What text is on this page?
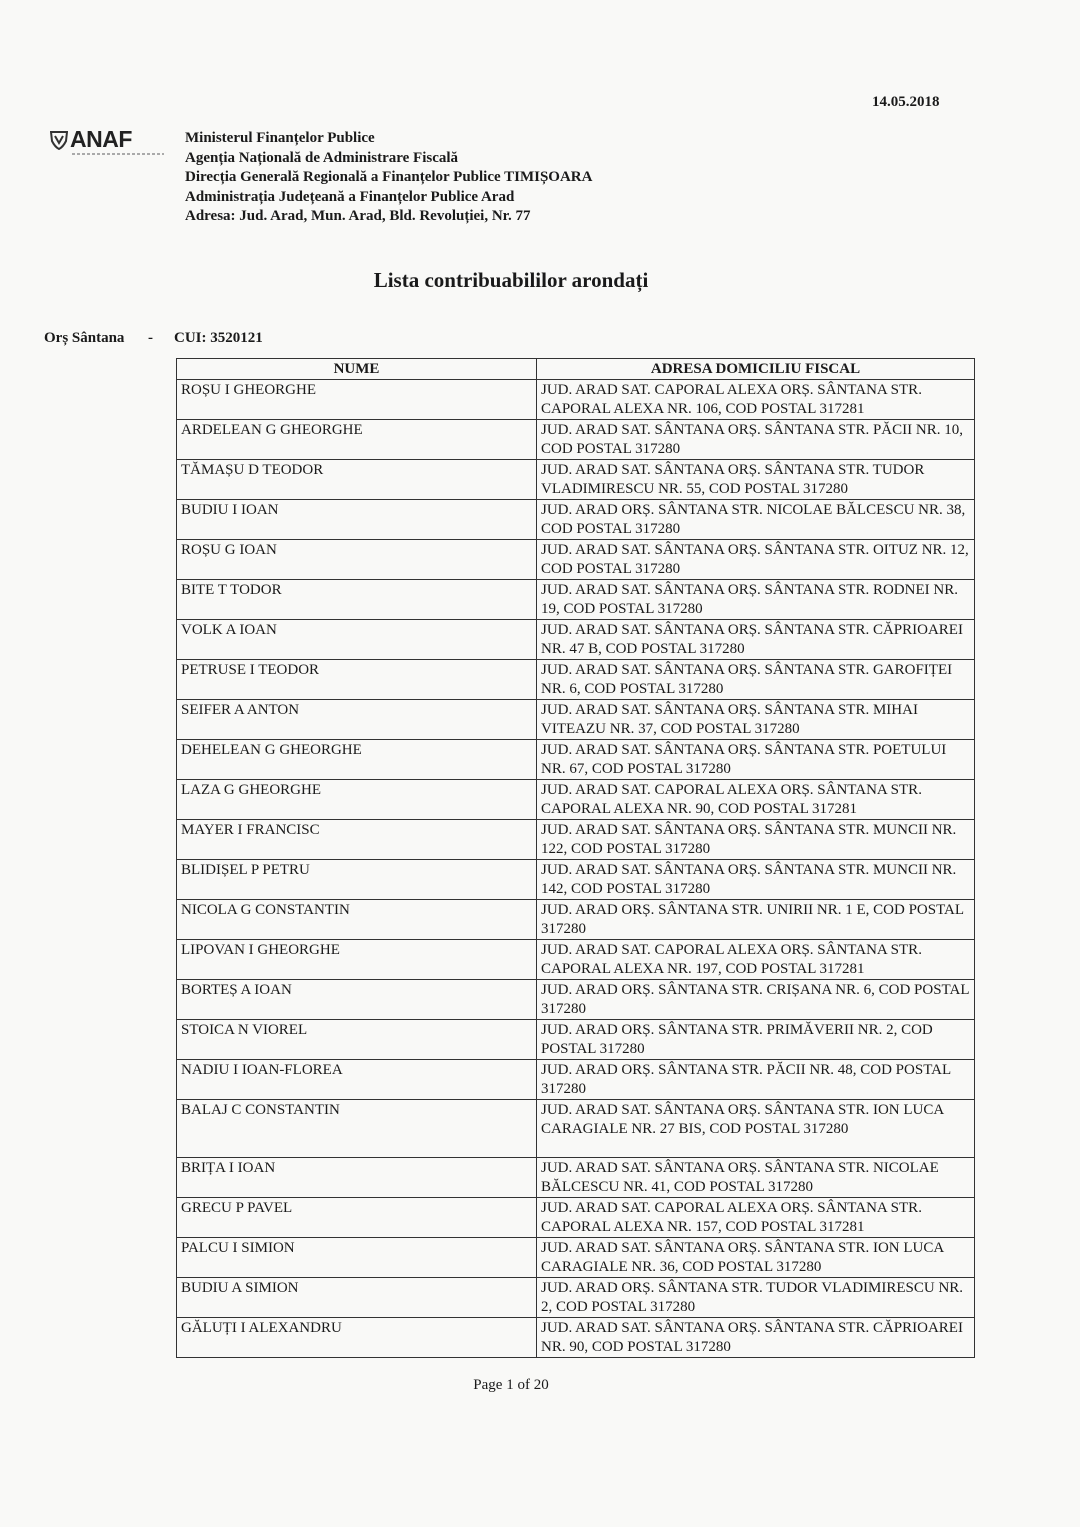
14.05.2018
ANAF	Ministerul Finanțelor Publice
Agenția Națională de Administrare Fiscală
Direcția Generală Regională a Finanțelor Publice TIMIȘOARA
Administrația Județeană a Finanțelor Publice Arad
Adresa: Jud. Arad, Mun. Arad, Bld. Revoluției, Nr. 77
Lista contribuabililor arondați
Orș Sântana - CUI: 3520121
NUME	ADRESA DOMICILIU FISCAL
ROȘU I GHEORGHE	JUD. ARAD SAT. CAPORAL ALEXA ORȘ. SÂNTANA STR. CAPORAL ALEXA NR. 106, COD POSTAL 317281
ARDELEAN G GHEORGHE	JUD. ARAD SAT. SÂNTANA ORȘ. SÂNTANA STR. PĂCII NR. 10, COD POSTAL 317280
TĂMAȘU D TEODOR	JUD. ARAD SAT. SÂNTANA ORȘ. SÂNTANA STR. TUDOR VLADIMIRESCU NR. 55, COD POSTAL 317280
BUDIU I IOAN	JUD. ARAD ORȘ. SÂNTANA STR. NICOLAE BĂLCESCU NR. 38, COD POSTAL 317280
ROȘU G IOAN	JUD. ARAD SAT. SÂNTANA ORȘ. SÂNTANA STR. OITUZ NR. 12, COD POSTAL 317280
BITE T TODOR	JUD. ARAD SAT. SÂNTANA ORȘ. SÂNTANA STR. RODNEI NR. 19, COD POSTAL 317280
VOLK A IOAN	JUD. ARAD SAT. SÂNTANA ORȘ. SÂNTANA STR. CĂPRIOAREI NR. 47 B, COD POSTAL 317280
PETRUSE I TEODOR	JUD. ARAD SAT. SÂNTANA ORȘ. SÂNTANA STR. GAROFIȚEI NR. 6, COD POSTAL 317280
SEIFER A ANTON	JUD. ARAD SAT. SÂNTANA ORȘ. SÂNTANA STR. MIHAI VITEAZU NR. 37, COD POSTAL 317280
DEHELEAN G GHEORGHE	JUD. ARAD SAT. SÂNTANA ORȘ. SÂNTANA STR. POETULUI NR. 67, COD POSTAL 317280
LAZA G GHEORGHE	JUD. ARAD SAT. CAPORAL ALEXA ORȘ. SÂNTANA STR. CAPORAL ALEXA NR. 90, COD POSTAL 317281
MAYER I FRANCISC	JUD. ARAD SAT. SÂNTANA ORȘ. SÂNTANA STR. MUNCII NR. 122, COD POSTAL 317280
BLIDIȘEL P PETRU	JUD. ARAD SAT. SÂNTANA ORȘ. SÂNTANA STR. MUNCII NR. 142, COD POSTAL 317280
NICOLA G CONSTANTIN	JUD. ARAD ORȘ. SÂNTANA STR. UNIRII NR. 1 E, COD POSTAL 317280
LIPOVAN I GHEORGHE	JUD. ARAD SAT. CAPORAL ALEXA ORȘ. SÂNTANA STR. CAPORAL ALEXA NR. 197, COD POSTAL 317281
BORTEȘ A IOAN	JUD. ARAD ORȘ. SÂNTANA STR. CRIȘANA NR. 6, COD POSTAL 317280
STOICA N VIOREL	JUD. ARAD ORȘ. SÂNTANA STR. PRIMĂVERII NR. 2, COD POSTAL 317280
NADIU I IOAN-FLOREA	JUD. ARAD ORȘ. SÂNTANA STR. PĂCII NR. 48, COD POSTAL 317280
BALAJ C CONSTANTIN	JUD. ARAD SAT. SÂNTANA ORȘ. SÂNTANA STR. ION LUCA CARAGIALE NR. 27 BIS, COD POSTAL 317280
BRIȚA I IOAN	JUD. ARAD SAT. SÂNTANA ORȘ. SÂNTANA STR. NICOLAE BĂLCESCU NR. 41, COD POSTAL 317280
GRECU P PAVEL	JUD. ARAD SAT. CAPORAL ALEXA ORȘ. SÂNTANA STR. CAPORAL ALEXA NR. 157, COD POSTAL 317281
PALCU I SIMION	JUD. ARAD SAT. SÂNTANA ORȘ. SÂNTANA STR. ION LUCA CARAGIALE NR. 36, COD POSTAL 317280
BUDIU A SIMION	JUD. ARAD ORȘ. SÂNTANA STR. TUDOR VLADIMIRESCU NR. 2, COD POSTAL 317280
GĂLUȚI I ALEXANDRU	JUD. ARAD SAT. SÂNTANA ORȘ. SÂNTANA STR. CĂPRIOAREI NR. 90, COD POSTAL 317280
Page 1 of 20
